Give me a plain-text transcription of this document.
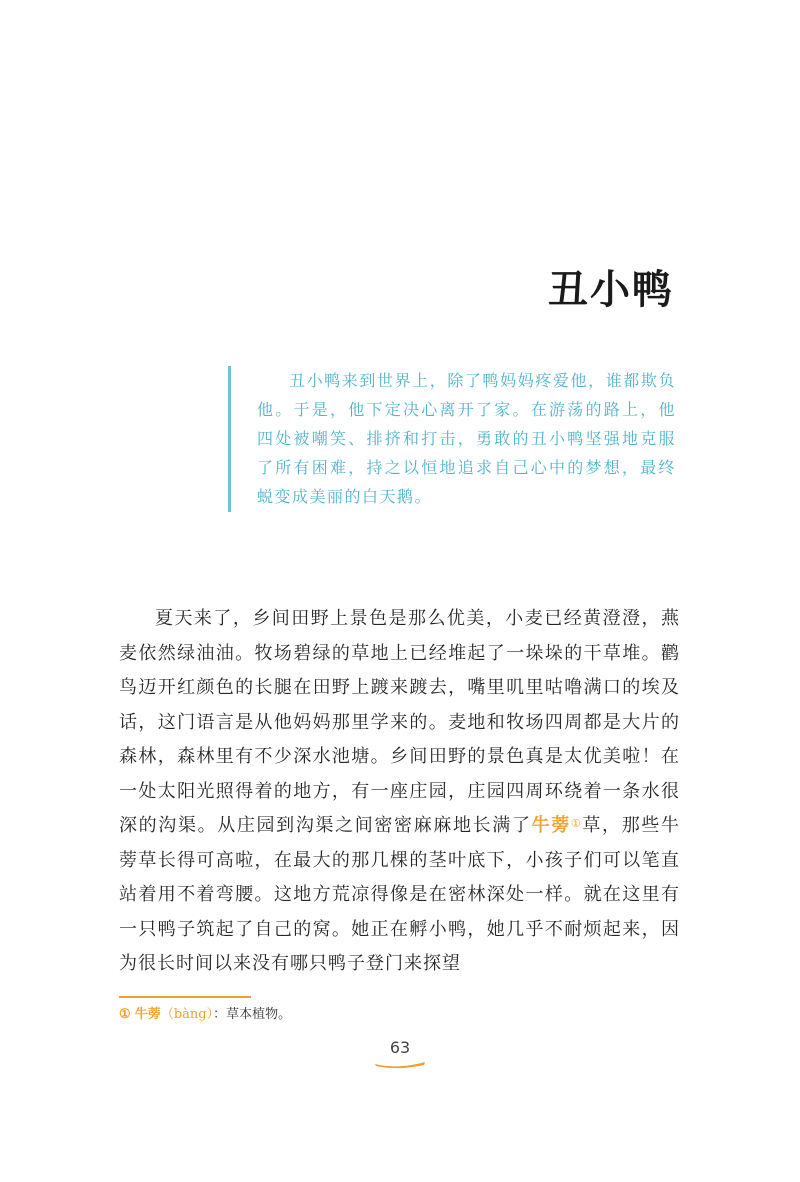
丑小鸭

丑小鸭来到世界上，除了鸭妈妈疼爱他，谁都欺负他。于是，他下定决心离开了家。在游荡的路上，他四处被嘲笑、排挤和打击，勇敢的丑小鸭坚强地克服了所有困难，持之以恒地追求自己心中的梦想，最终蜕变成美丽的白天鹅。

夏天来了，乡间田野上景色是那么优美，小麦已经黄澄澄，燕麦依然绿油油。牧场碧绿的草地上已经堆起了一垛垛的干草堆。鹳鸟迈开红颜色的长腿在田野上踱来踱去，嘴里叽里咕噜满口的埃及话，这门语言是从他妈妈那里学来的。麦地和牧场四周都是大片的森林，森林里有不少深水池塘。乡间田野的景色真是太优美啦！在一处太阳光照得着的地方，有一座庄园，庄园四周环绕着一条水很深的沟渠。从庄园到沟渠之间密密麻麻地长满了牛蒡①草，那些牛蒡草长得可高啦，在最大的那几棵的茎叶底下，小孩子们可以笔直站着用不着弯腰。这地方荒凉得像是在密林深处一样。就在这里有一只鸭子筑起了自己的窝。她正在孵小鸭，她几乎不耐烦起来，因为很长时间以来没有哪只鸭子登门来探望

① 牛蒡（bàng）：草本植物。
63
